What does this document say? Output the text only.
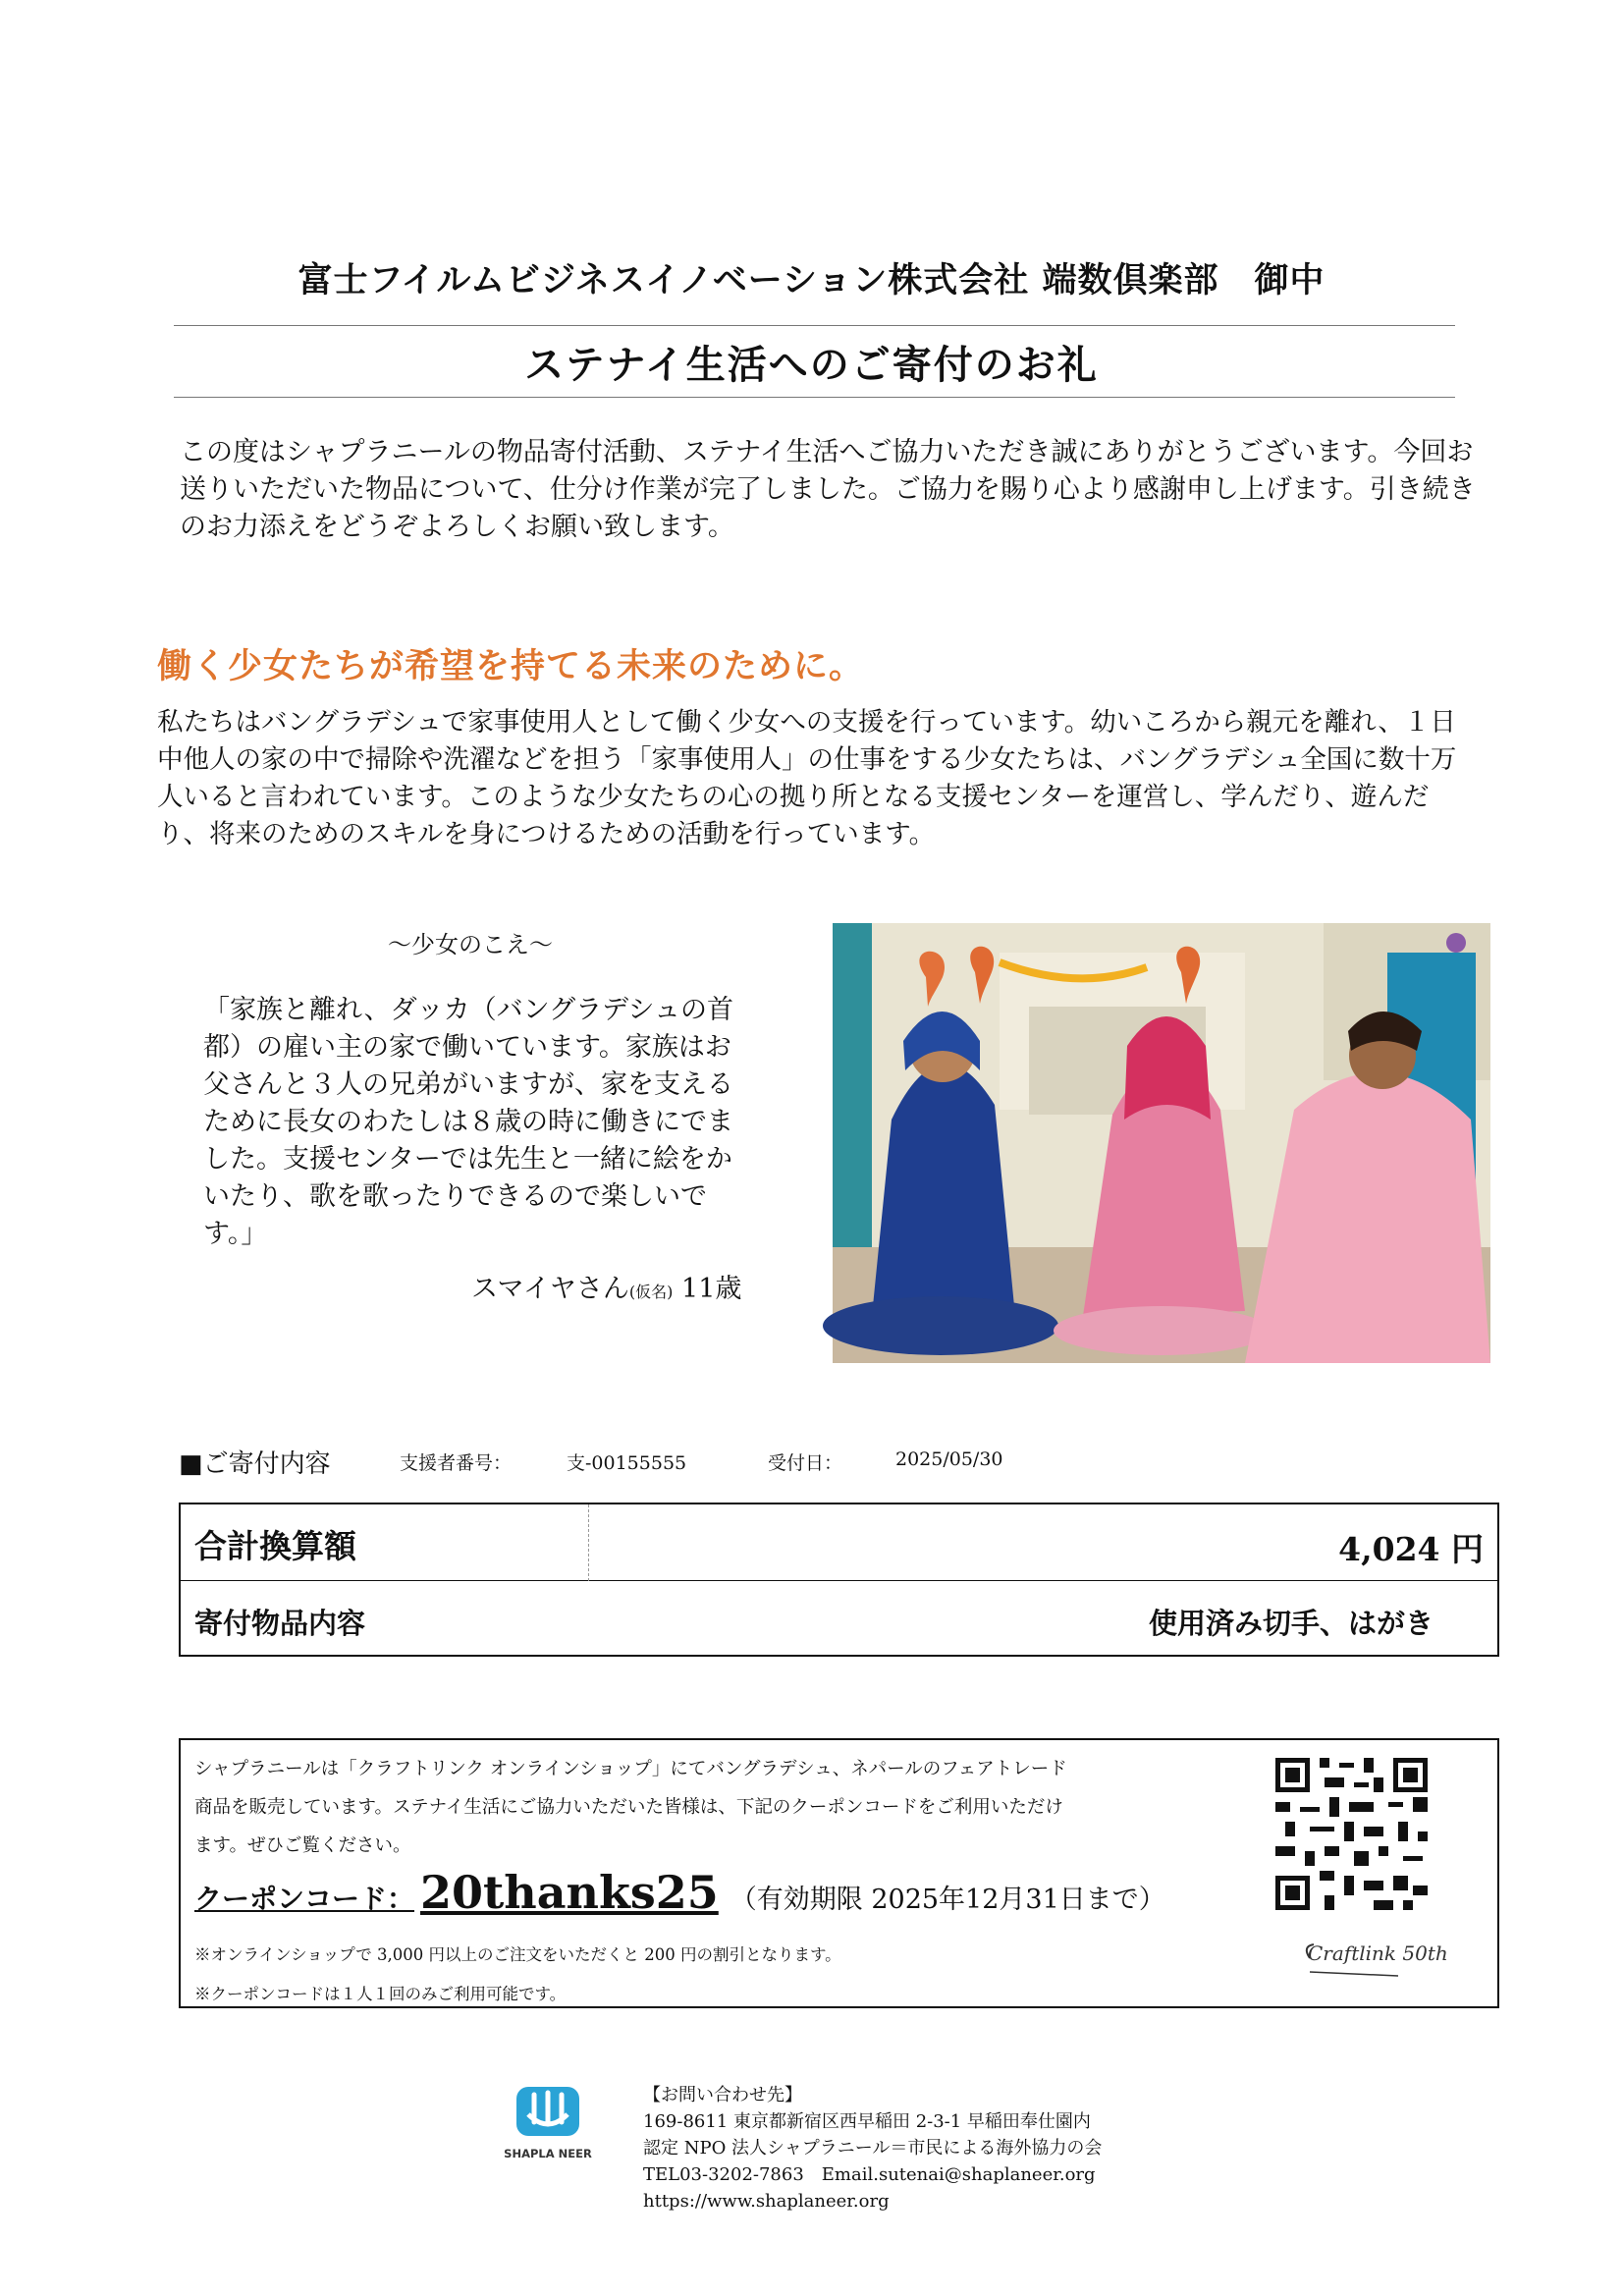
富士フイルムビジネスイノベーション株式会社 端数倶楽部　御中
ステナイ生活へのご寄付のお礼

この度はシャプラニールの物品寄付活動、ステナイ生活へご協力いただき誠にありがとうございます。今回お送りいただいた物品について、仕分け作業が完了しました。ご協力を賜り心より感謝申し上げます。引き続きのお力添えをどうぞよろしくお願い致します。

働く少女たちが希望を持てる未来のために。

私たちはバングラデシュで家事使用人として働く少女への支援を行っています。幼いころから親元を離れ、１日中他人の家の中で掃除や洗濯などを担う「家事使用人」の仕事をする少女たちは、バングラデシュ全国に数十万人いると言われています。このような少女たちの心の拠り所となる支援センターを運営し、学んだり、遊んだり、将来のためのスキルを身につけるための活動を行っています。

～少女のこえ～

「家族と離れ、ダッカ（バングラデシュの首都）の雇い主の家で働いています。家族はお父さんと３人の兄弟がいますが、家を支えるために長女のわたしは８歳の時に働きにでました。支援センターでは先生と一緒に絵をかいたり、歌を歌ったりできるので楽しいです。」

スマイヤさん(仮名) 11歳
■ご寄付内容	支援者番号：	支-00155555	受付日：	2025/05/30
合計換算額	4,024 円
寄付物品内容	使用済み切手、はがき

シャプラニールは「クラフトリンク オンラインショップ」にてバングラデシュ、ネパールのフェアトレード商品を販売しています。ステナイ生活にご協力いただいた皆様は、下記のクーポンコードをご利用いただけます。ぜひご覧ください。

クーポンコード： 20thanks25 （有効期限 2025年12月31日まで）
※オンラインショップで 3,000 円以上のご注文をいただくと 200 円の割引となります。
※クーポンコードは１人１回のみご利用可能です。
Craftlink 50th
SHAPLA NEER
【お問い合わせ先】
169-8611 東京都新宿区西早稲田 2-3-1 早稲田奉仕園内
認定 NPO 法人シャプラニール＝市民による海外協力の会
TEL03-3202-7863　Email.sutenai@shaplaneer.org
https://www.shaplaneer.org
